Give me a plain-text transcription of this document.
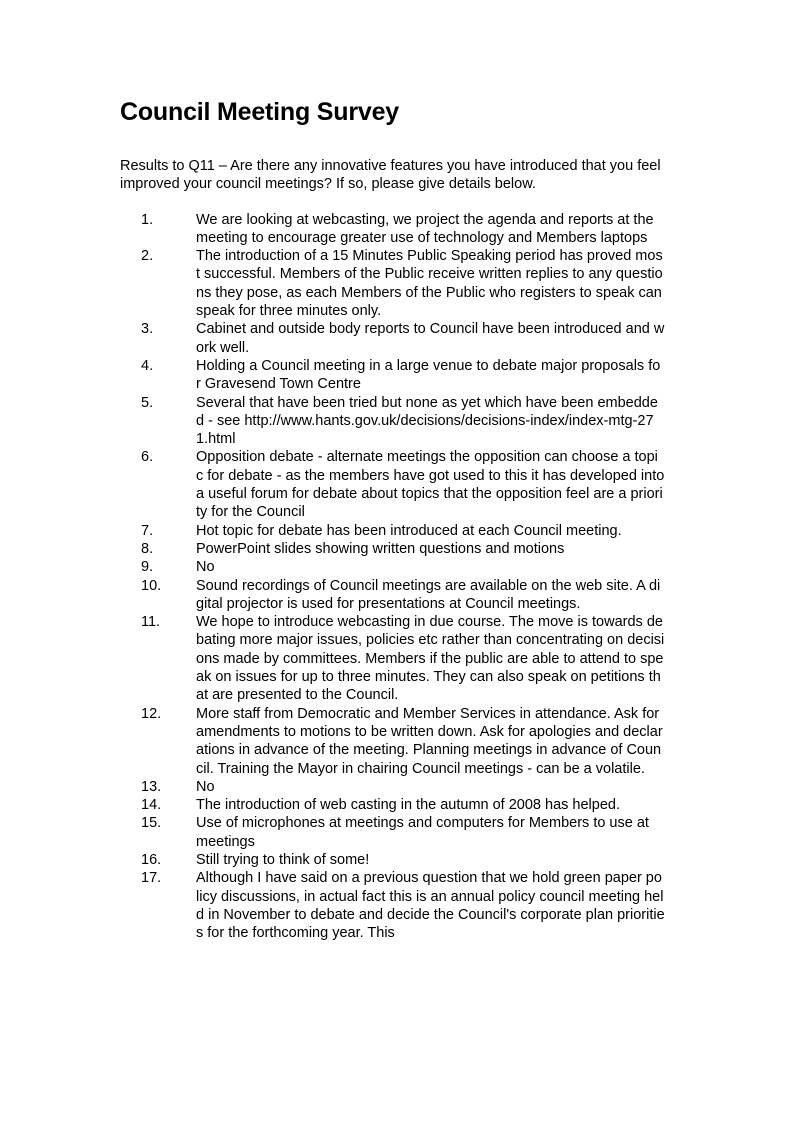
Council Meeting Survey
Results to Q11 – Are there any innovative features you have introduced that you feel improved your council meetings? If so, please give details below.
1.	We are looking at webcasting, we project the agenda and reports at the meeting to encourage greater use of technology and Members laptops
2.	The introduction of a 15 Minutes Public Speaking period has proved most successful. Members of the Public receive written replies to any questions they pose, as each Members of the Public who registers to speak can speak for three minutes only.
3.	Cabinet and outside body reports to Council have been introduced and work well.
4.	Holding a Council meeting in a large venue to debate major proposals for Gravesend Town Centre
5.	Several that have been tried but none as yet which have been embedded - see http://www.hants.gov.uk/decisions/decisions-index/index-mtg-271.html
6.	Opposition debate - alternate meetings the opposition can choose a topic for debate - as the members have got used to this it has developed into a useful forum for debate about topics that the opposition feel are a priority for the Council
7.	Hot topic for debate has been introduced at each Council meeting.
8.	PowerPoint slides showing written questions and motions
9.	No
10.	Sound recordings of Council meetings are available on the web site. A digital projector is used for presentations at Council meetings.
11.	We hope to introduce webcasting in due course. The move is towards debating more major issues, policies etc rather than concentrating on decisions made by committees. Members if the public are able to attend to speak on issues for up to three minutes. They can also speak on petitions that are presented to the Council.
12.	More staff from Democratic and Member Services in attendance. Ask for amendments to motions to be written down. Ask for apologies and declarations in advance of the meeting. Planning meetings in advance of Council. Training the Mayor in chairing Council meetings - can be a volatile.
13.	No
14.	The introduction of web casting in the autumn of 2008 has helped.
15.	Use of microphones at meetings and computers for Members to use at meetings
16.	Still trying to think of some!
17.	Although I have said on a previous question that we hold green paper policy discussions, in actual fact this is an annual policy council meeting held in November to debate and decide the Council's corporate plan priorities for the forthcoming year. This
